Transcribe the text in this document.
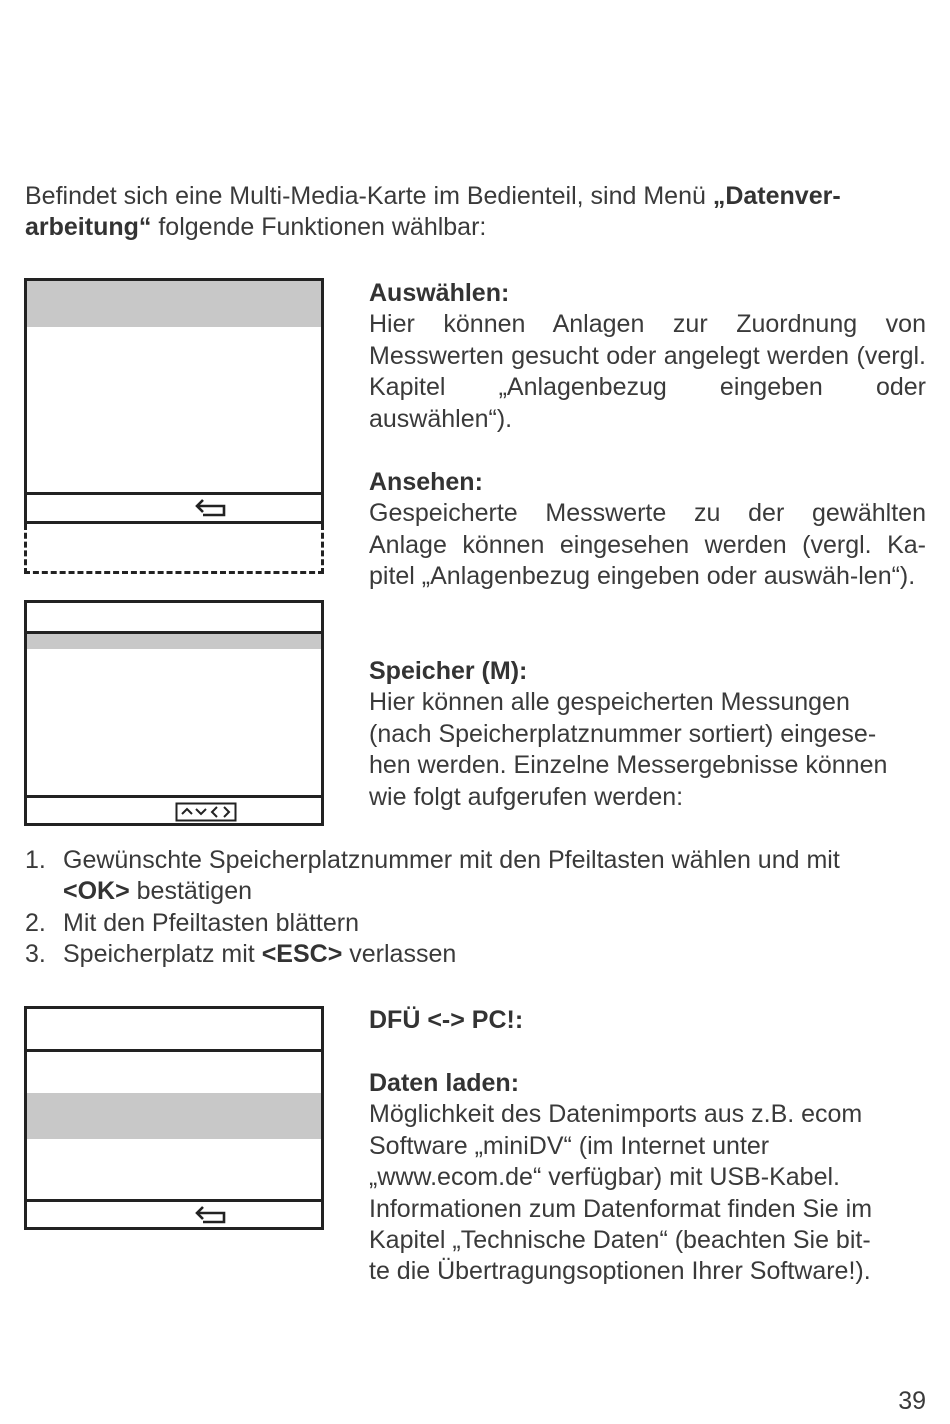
Befindet sich eine Multi-Media-Karte im Bedienteil, sind Menü „Datenver-
arbeitung“ folgende Funktionen wählbar:
Auswählen:
Hier können Anlagen zur Zuordnung von Messwerten gesucht oder angelegt werden (vergl. Kapitel „Anlagenbezug eingeben oder auswählen“).
Ansehen:
Gespeicherte Messwerte zu der gewählten Anlage können eingesehen werden (vergl. Ka-pitel „Anlagenbezug eingeben oder auswäh-len“).
Speicher (M):
Hier können alle gespeicherten Messungen
(nach Speicherplatznummer sortiert) eingese-
hen werden. Einzelne Messergebnisse können
wie folgt aufgerufen werden:
1. Gewünschte Speicherplatznummer mit den Pfeiltasten wählen und mit
<OK> bestätigen
2. Mit den Pfeiltasten blättern
3. Speicherplatz mit <ESC> verlassen
DFÜ <-> PC!:
Daten laden:
Möglichkeit des Datenimports aus z.B. ecom
Software „miniDV“ (im Internet unter
„www.ecom.de“ verfügbar) mit USB-Kabel.
Informationen zum Datenformat finden Sie im
Kapitel „Technische Daten“ (beachten Sie bit-
te die Übertragungsoptionen Ihrer Software!).
39
